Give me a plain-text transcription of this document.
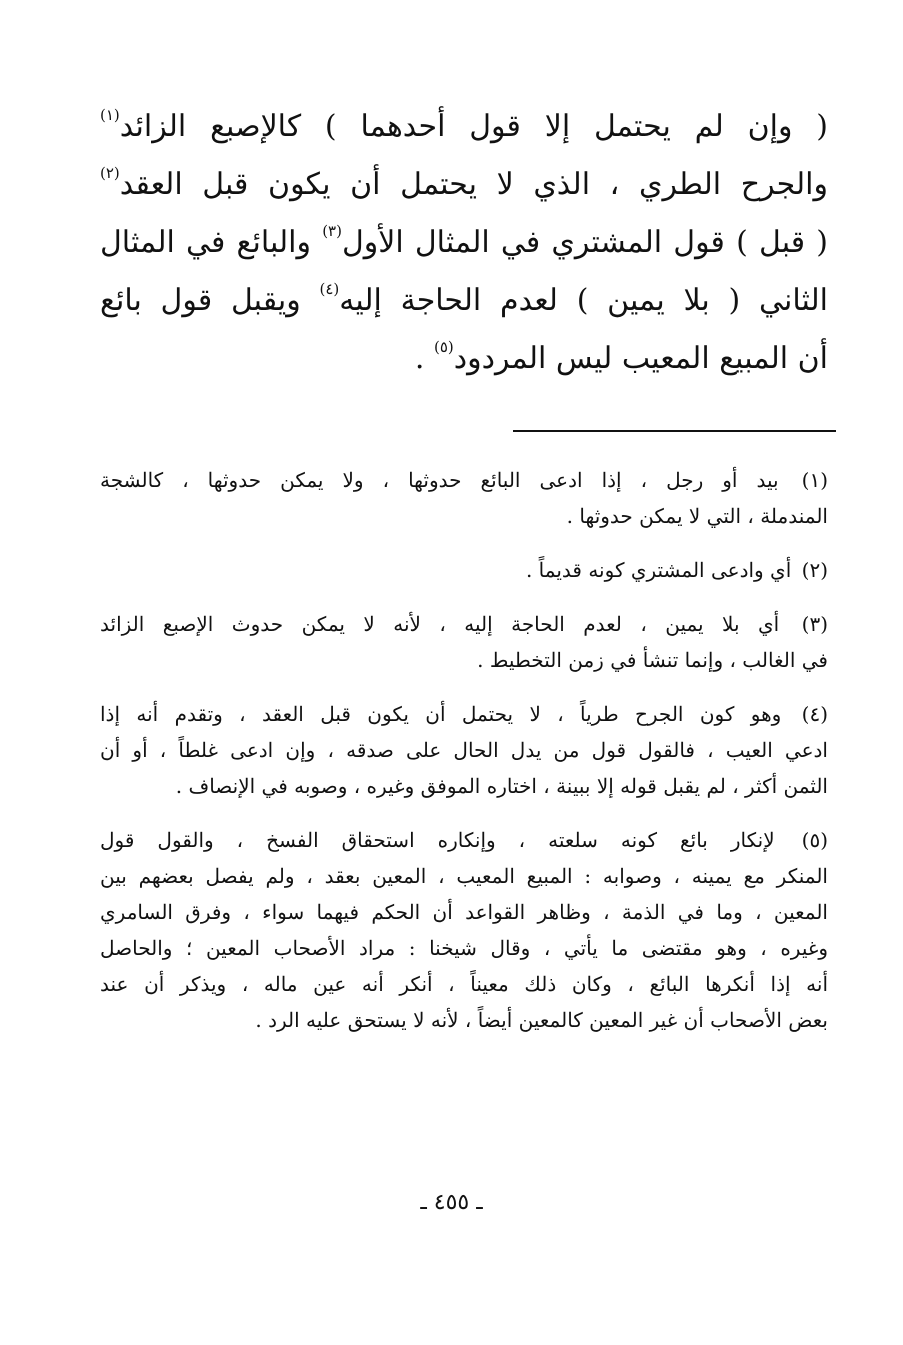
( وإن لم يحتمل إلا قول أحدهما ) كالإصبع الزائد$^{(١)}$
والجرح الطري ، الذي لا يحتمل أن يكون قبل العقد$^{(٢)}$
( قبل ) قول المشتري في المثال الأول$^{(٣)}$ والبائع في المثال
الثاني ( بلا يمين ) لعدم الحاجة إليه$^{(٤)}$ ويقبل قول بائع
أن المبيع المعيب ليس المردود$^{(٥)}$ .
(١) بيد أو رجل ، إذا ادعى البائع حدوثها ، ولا يمكن حدوثها ، كالشجة
المندملة ، التي لا يمكن حدوثها .
(٢) أي وادعى المشتري كونه قديماً .
(٣) أي بلا يمين ، لعدم الحاجة إليه ، لأنه لا يمكن حدوث الإصبع الزائد
في الغالب ، وإنما تنشأ في زمن التخطيط .
(٤) وهو كون الجرح طرياً ، لا يحتمل أن يكون قبل العقد ، وتقدم أنه إذا
ادعي العيب ، فالقول قول من يدل الحال على صدقه ، وإن ادعى غلطاً ، أو أن
الثمن أكثر ، لم يقبل قوله إلا ببينة ، اختاره الموفق وغيره ، وصوبه في الإنصاف .
(٥) لإنكار بائع كونه سلعته ، وإنكاره استحقاق الفسخ ، والقول قول
المنكر مع يمينه ، وصوابه : المبيع المعيب ، المعين بعقد ، ولم يفصل بعضهم بين
المعين ، وما في الذمة ، وظاهر القواعد أن الحكم فيهما سواء ، وفرق السامري
وغيره ، وهو مقتضى ما يأتي ، وقال شيخنا : مراد الأصحاب المعين ؛ والحاصل
أنه إذا أنكرها البائع ، وكان ذلك معيناً ، أنكر أنه عين ماله ، ويذكر أن عند
بعض الأصحاب أن غير المعين كالمعين أيضاً ، لأنه لا يستحق عليه الرد .
ـ ٤٥٥ ـ
